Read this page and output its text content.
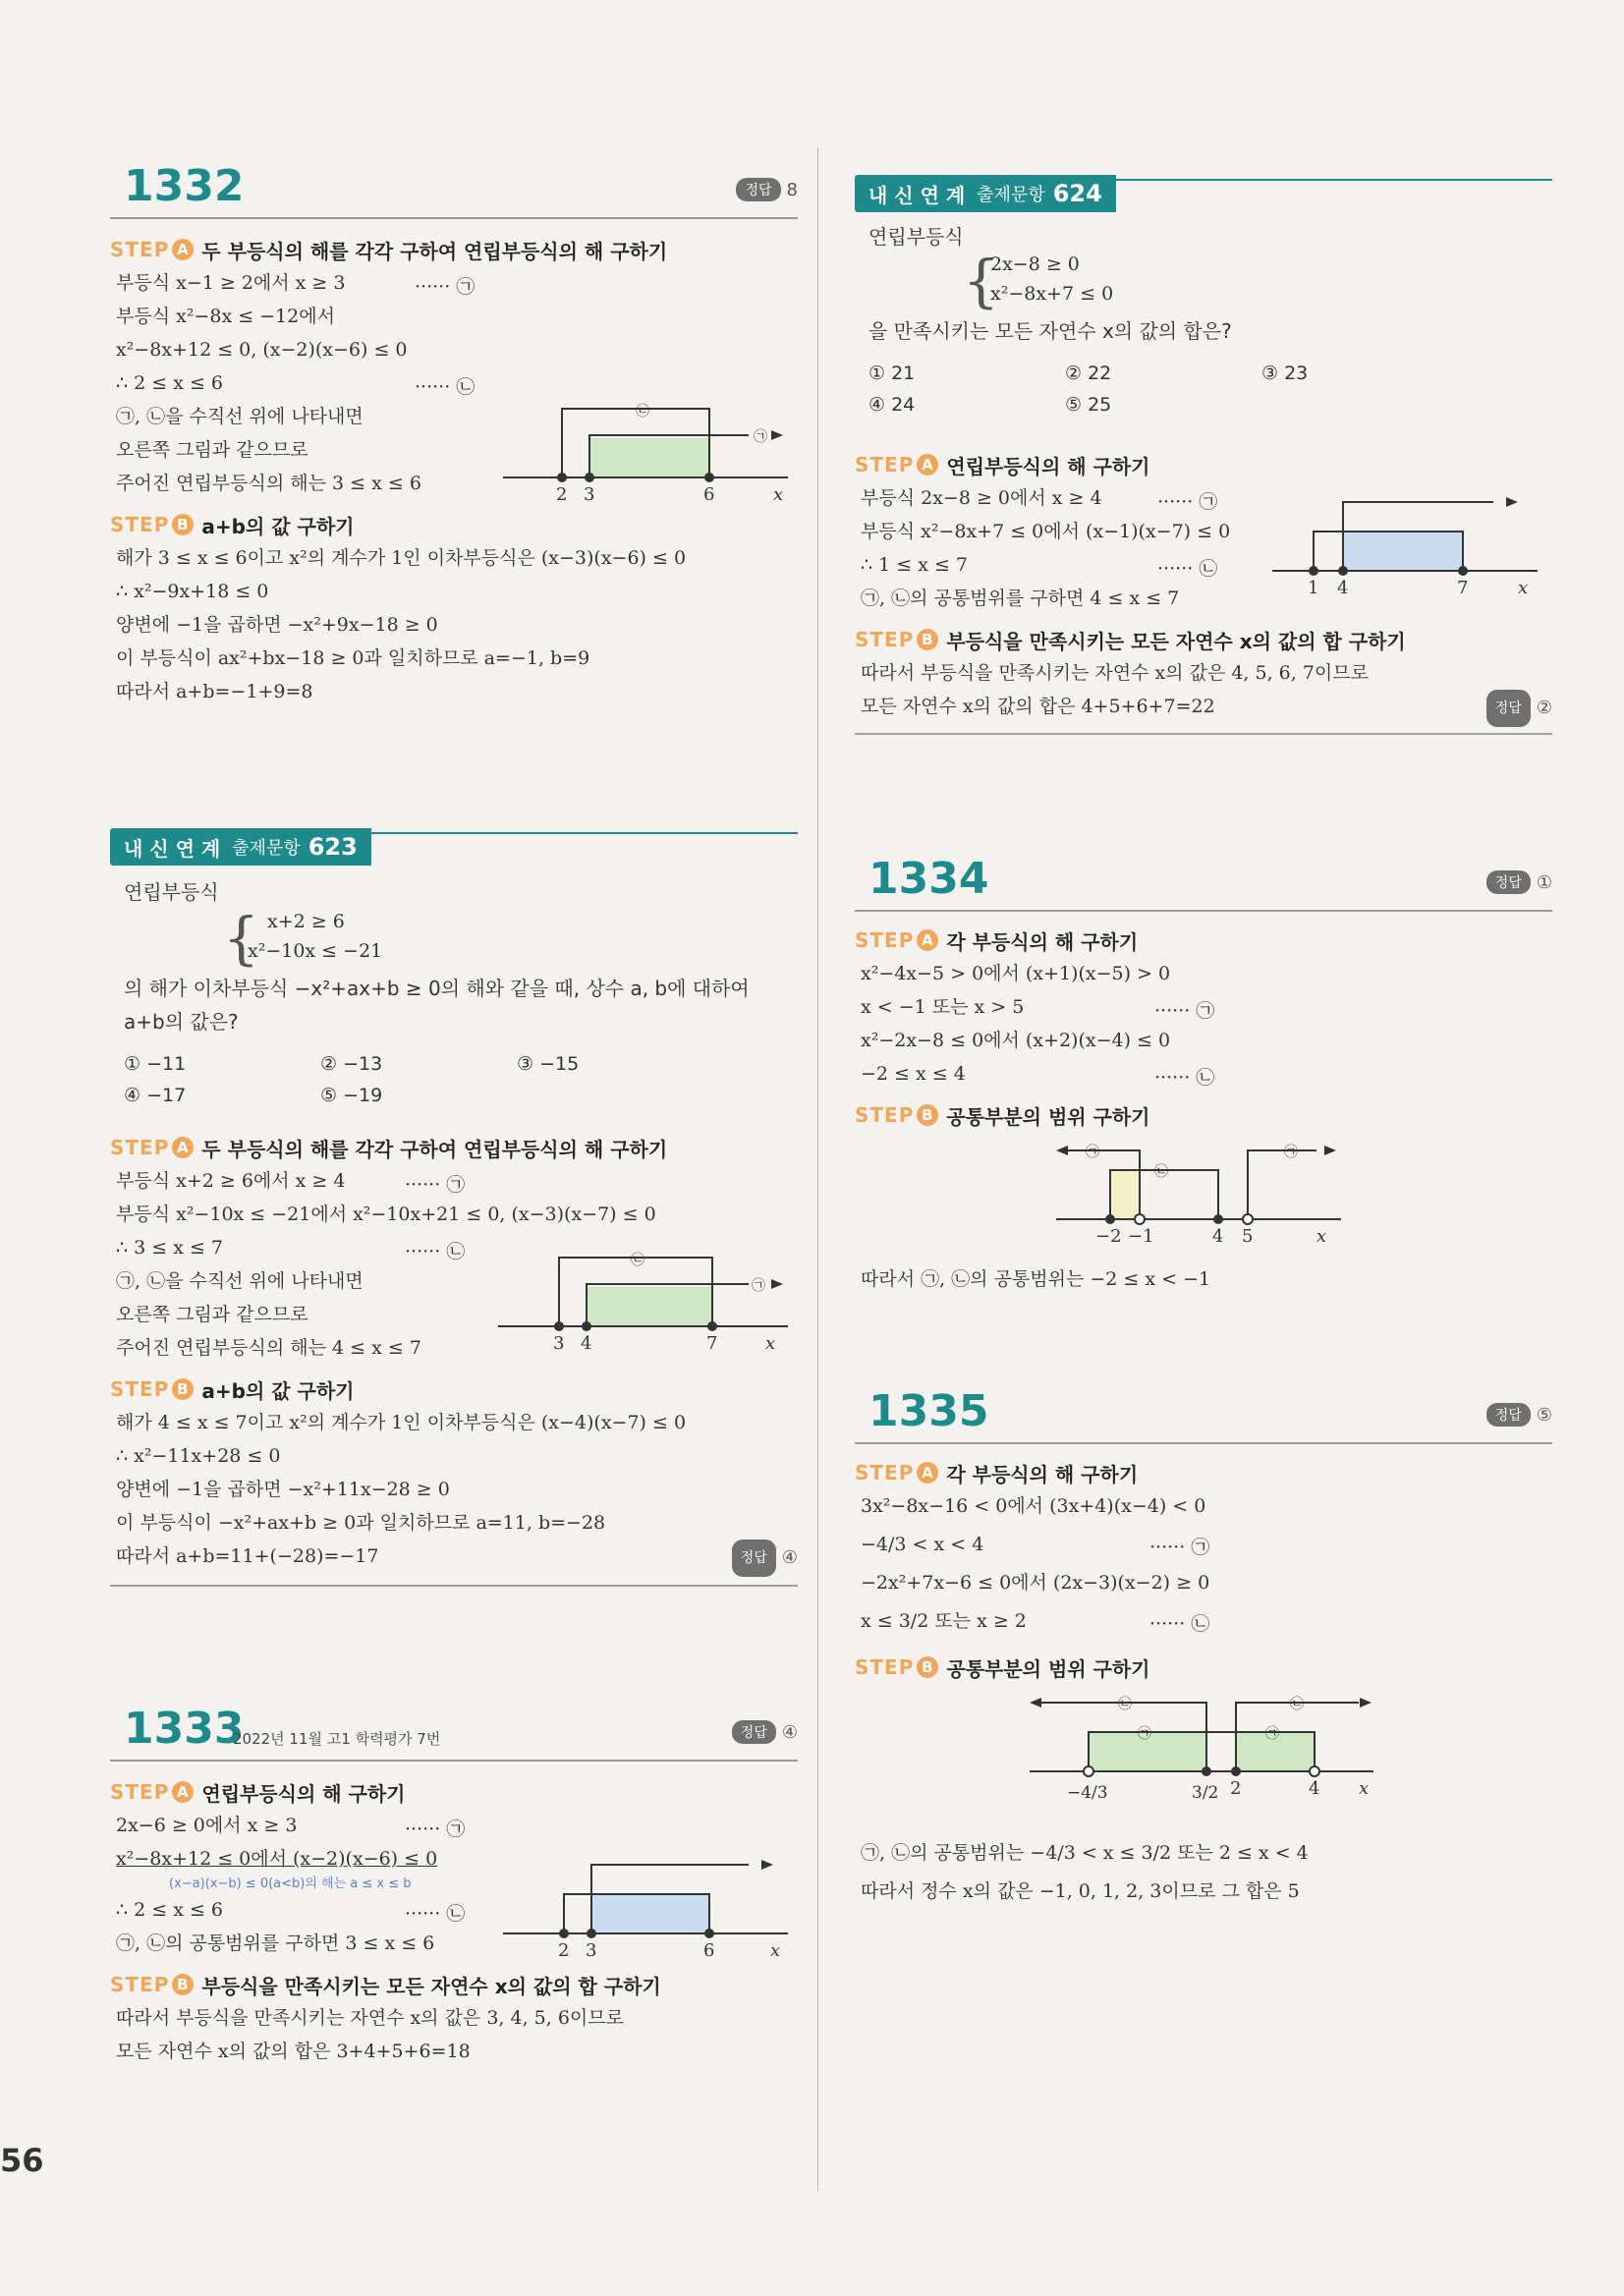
1332	정답 8
STEP A 두 부등식의 해를 각각 구하여 연립부등식의 해 구하기
부등식 x−1 ≥ 2에서 x ≥ 3
부등식 x²−8x ≤ −12에서
x²−8x+12 ≤ 0, (x−2)(x−6) ≤ 0
∴ 2 ≤ x ≤ 6
㉠, ㉡을 수직선 위에 나타내면
오른쪽 그림과 같으므로
주어진 연립부등식의 해는 3 ≤ x ≤ 6
······ ㉠
······ ㉡
㉡
㉠
2 3	6	x
STEP B a+b의 값 구하기
해가 3 ≤ x ≤ 6이고 x²의 계수가 1인 이차부등식은 (x−3)(x−6) ≤ 0
∴ x²−9x+18 ≤ 0
양변에 −1을 곱하면 −x²+9x−18 ≥ 0
이 부등식이 ax²+bx−18 ≥ 0과 일치하므로 a=−1, b=9
따라서 a+b=−1+9=8
내 신 연 계 출제문항 623
연립부등식
{ x+2 ≥ 6
x²−10x ≤ −21
의 해가 이차부등식 −x²+ax+b ≥ 0의 해와 같을 때, 상수 a, b에 대하여
a+b의 값은?
① −11	② −13	③ −15
④ −17	⑤ −19
STEP A 두 부등식의 해를 각각 구하여 연립부등식의 해 구하기
부등식 x+2 ≥ 6에서 x ≥ 4
부등식 x²−10x ≤ −21에서 x²−10x+21 ≤ 0, (x−3)(x−7) ≤ 0
∴ 3 ≤ x ≤ 7
㉠, ㉡을 수직선 위에 나타내면
오른쪽 그림과 같으므로
주어진 연립부등식의 해는 4 ≤ x ≤ 7
······ ㉠
······ ㉡	㉡
㉠
3 4	7	x
STEP B a+b의 값 구하기
해가 4 ≤ x ≤ 7이고 x²의 계수가 1인 이차부등식은 (x−4)(x−7) ≤ 0
∴ x²−11x+28 ≤ 0
양변에 −1을 곱하면 −x²+11x−28 ≥ 0
이 부등식이 −x²+ax+b ≥ 0과 일치하므로 a=11, b=−28
따라서 a+b=11+(−28)=−17	정답 ④
1333
2022년 11월 고1 학력평가 7번	정답 ④
STEP A 연립부등식의 해 구하기
2x−6 ≥ 0에서 x ≥ 3
x²−8x+12 ≤ 0에서 (x−2)(x−6) ≤ 0
(x−a)(x−b) ≤ 0(a<b)의 해는 a ≤ x ≤ b
∴ 2 ≤ x ≤ 6
㉠, ㉡의 공통범위를 구하면 3 ≤ x ≤ 6
······ ㉠
······ ㉡
2 3	6	x
STEP B 부등식을 만족시키는 모든 자연수 x의 값의 합 구하기
따라서 부등식을 만족시키는 자연수 x의 값은 3, 4, 5, 6이므로
모든 자연수 x의 값의 합은 3+4+5+6=18
내 신 연 계 출제문항 624
연립부등식
{
2x−8 ≥ 0
x²−8x+7 ≤ 0
을 만족시키는 모든 자연수 x의 값의 합은?
① 21	② 22	③ 23
④ 24	⑤ 25
STEP A 연립부등식의 해 구하기
부등식 2x−8 ≥ 0에서 x ≥ 4
부등식 x²−8x+7 ≤ 0에서 (x−1)(x−7) ≤ 0
∴ 1 ≤ x ≤ 7
㉠, ㉡의 공통범위를 구하면 4 ≤ x ≤ 7
······ ㉠
······ ㉡
1 4	7	x
STEP B 부등식을 만족시키는 모든 자연수 x의 값의 합 구하기
따라서 부등식을 만족시키는 자연수 x의 값은 4, 5, 6, 7이므로
모든 자연수 x의 값의 합은 4+5+6+7=22	정답 ②
1334	정답 ①
STEP A 각 부등식의 해 구하기
x²−4x−5 > 0에서 (x+1)(x−5) > 0
x < −1 또는 x > 5
x²−2x−8 ≤ 0에서 (x+2)(x−4) ≤ 0
−2 ≤ x ≤ 4
······ ㉠
······ ㉡
STEP B 공통부분의 범위 구하기
㉠
㉡
㉠
−2 −1	4 5	x
따라서 ㉠, ㉡의 공통범위는 −2 ≤ x < −1
1335	정답 ⑤
STEP A 각 부등식의 해 구하기
3x²−8x−16 < 0에서 (3x+4)(x−4) < 0
−4/3 < x < 4
−2x²+7x−6 ≤ 0에서 (2x−3)(x−2) ≥ 0
x ≤ 3/2 또는 x ≥ 2
······ ㉠
······ ㉡
STEP B 공통부분의 범위 구하기
㉡
㉠
㉡
㉠
−4/3	3/2 2	4 x
㉠, ㉡의 공통범위는 −4/3 < x ≤ 3/2 또는 2 ≤ x < 4
따라서 정수 x의 값은 −1, 0, 1, 2, 3이므로 그 합은 5
56
